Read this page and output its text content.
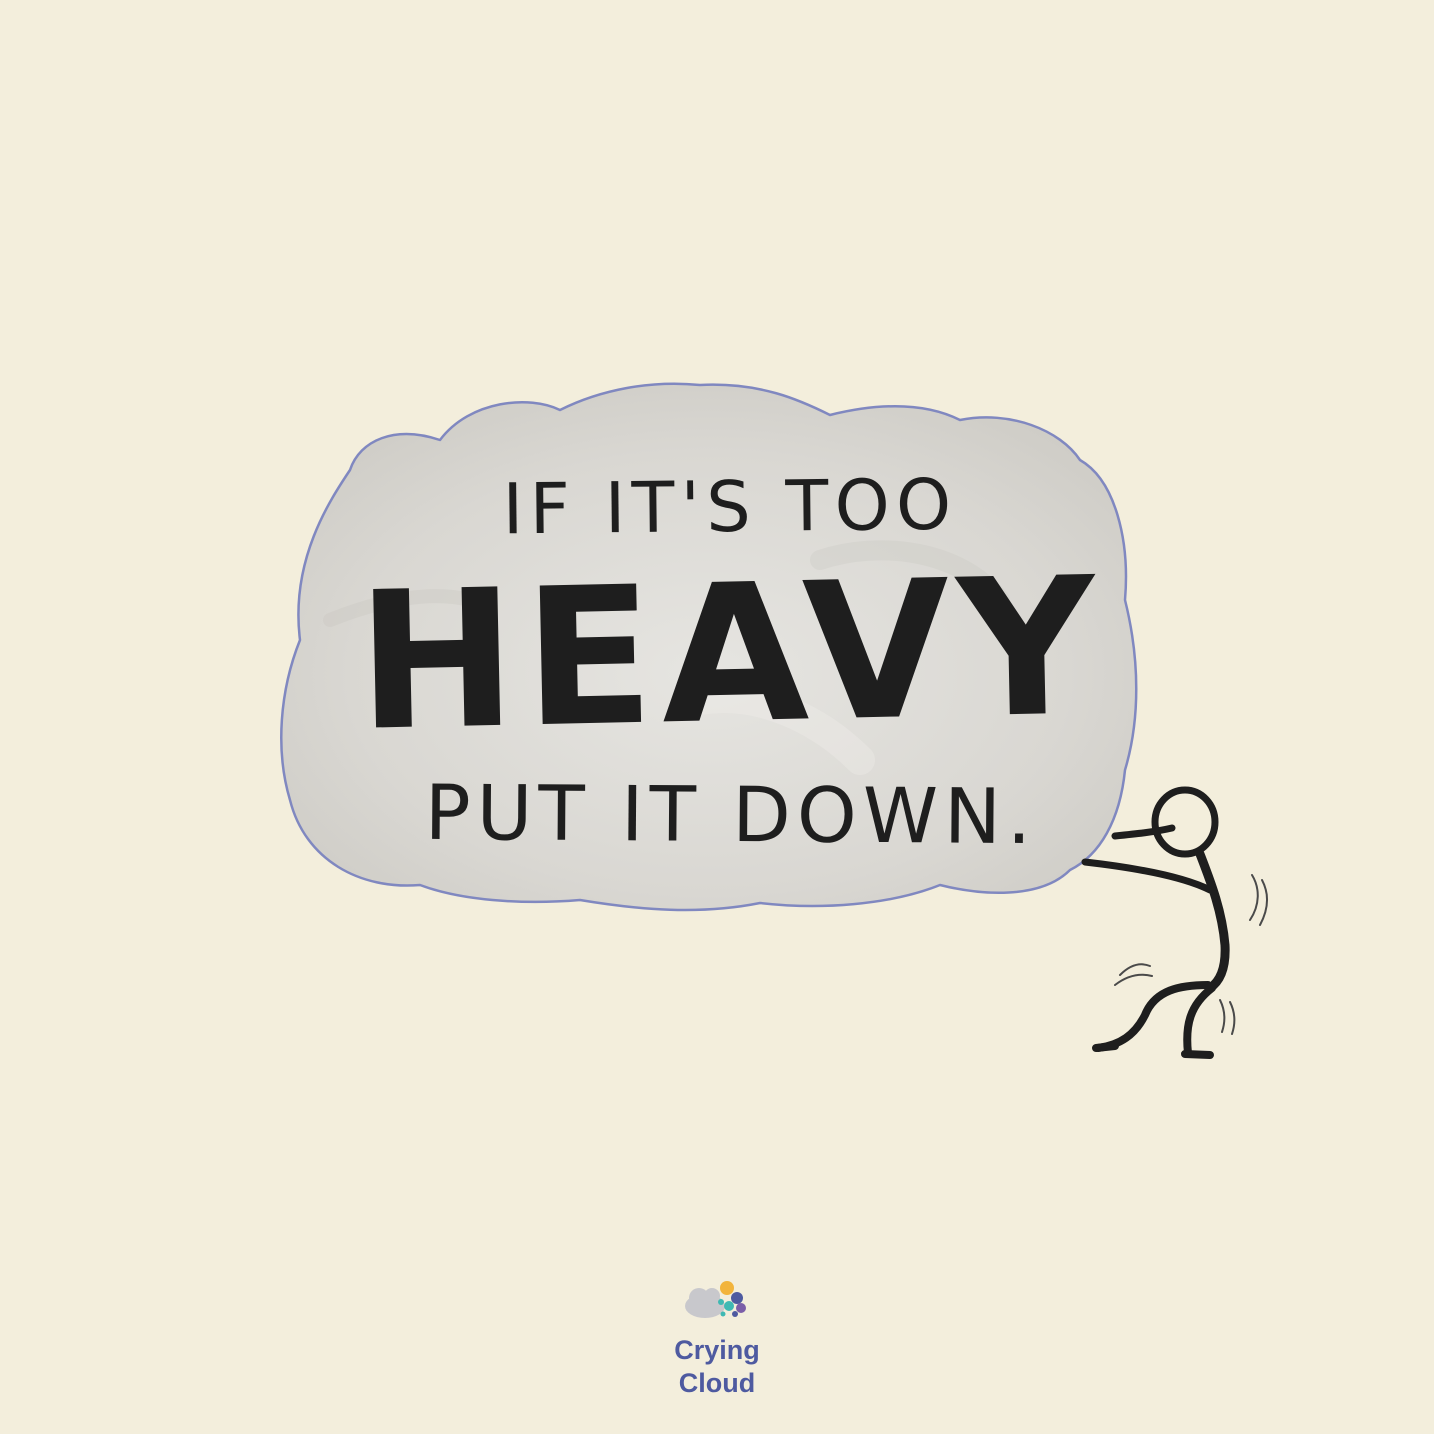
IF IT'S TOO
HEAVY
PUT IT DOWN.
Crying
Cloud
